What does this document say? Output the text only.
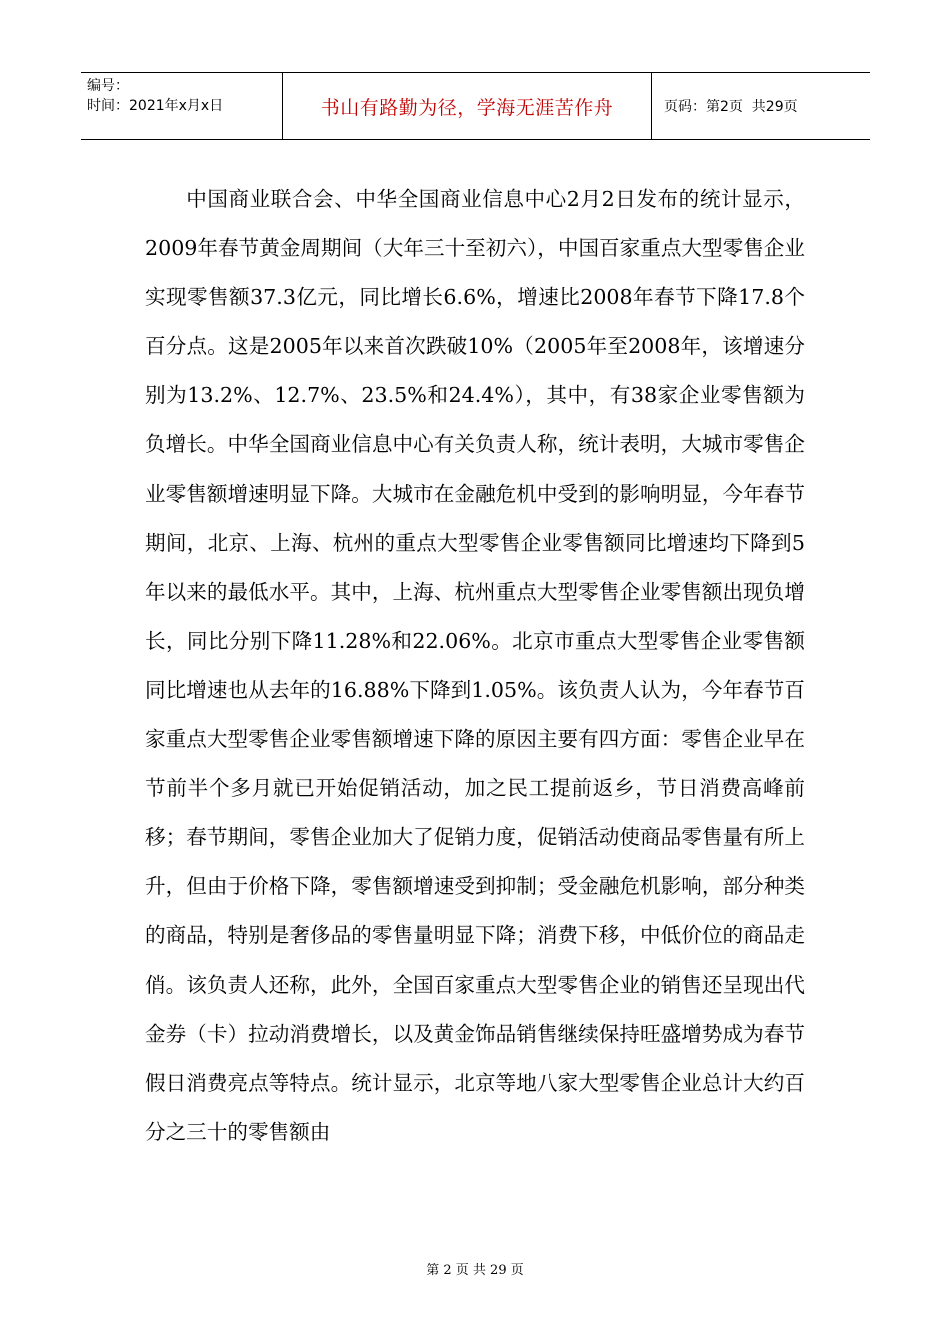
编号：
时间：2021年x月x日	书山有路勤为径，学海无涯苦作舟	页码：第2页  共29页

中国商业联合会、中华全国商业信息中心2月2日发布的统计显示，2009年春节黄金周期间（大年三十至初六），中国百家重点大型零售企业实现零售额37.3亿元，同比增长6.6%，增速比2008年春节下降17.8个百分点。这是2005年以来首次跌破10%（2005年至2008年，该增速分别为13.2%、12.7%、23.5%和24.4%），其中，有38家企业零售额为负增长。中华全国商业信息中心有关负责人称，统计表明，大城市零售企业零售额增速明显下降。大城市在金融危机中受到的影响明显，今年春节期间，北京、上海、杭州的重点大型零售企业零售额同比增速均下降到5年以来的最低水平。其中，上海、杭州重点大型零售企业零售额出现负增长，同比分别下降11.28%和22.06%。北京市重点大型零售企业零售额同比增速也从去年的16.88%下降到1.05%。该负责人认为，今年春节百家重点大型零售企业零售额增速下降的原因主要有四方面：零售企业早在节前半个多月就已开始促销活动，加之民工提前返乡，节日消费高峰前移；春节期间，零售企业加大了促销力度，促销活动使商品零售量有所上升，但由于价格下降，零售额增速受到抑制；受金融危机影响，部分种类的商品，特别是奢侈品的零售量明显下降；消费下移，中低价位的商品走俏。该负责人还称，此外，全国百家重点大型零售企业的销售还呈现出代金券（卡）拉动消费增长，以及黄金饰品销售继续保持旺盛增势成为春节假日消费亮点等特点。统计显示，北京等地八家大型零售企业总计大约百分之三十的零售额由

第 2 页 共 29 页
